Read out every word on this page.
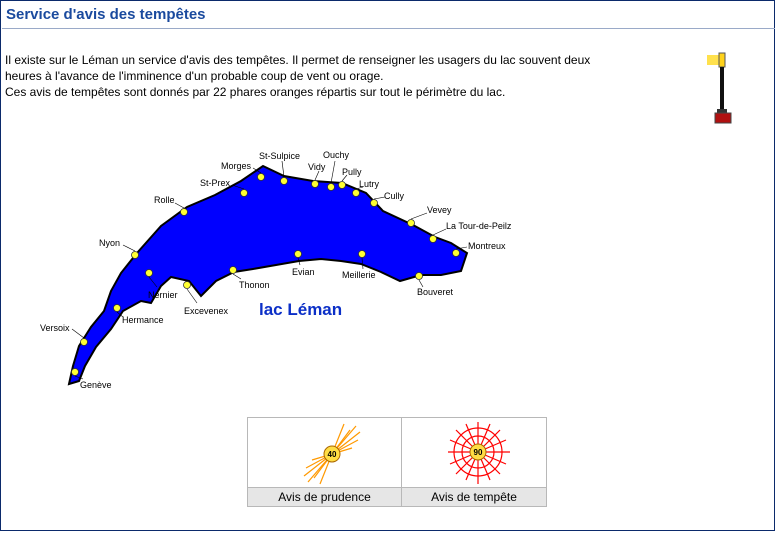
Service d'avis des tempêtes
Il existe sur le Léman un service d'avis des tempêtes. Il permet de renseigner les usagers du lac souvent deux
heures à l'avance de l'imminence d'un probable coup de vent ou orage.
Ces avis de tempêtes sont donnés par 22 phares oranges répartis sur tout le périmètre du lac.
St-Sulpice	Ouchy
Morges	Vidy Pully
St-Prex	Lutry
Rolle	Cully
Vevey
La Tour-de-Peilz
Nyon	Montreux
Evian	Meillerie
Nernier
Thonon
Bouveret
Hermance
Excevenex
Versoix
Genève
lac Léman
40
Avis de prudence
90
Avis de tempête
